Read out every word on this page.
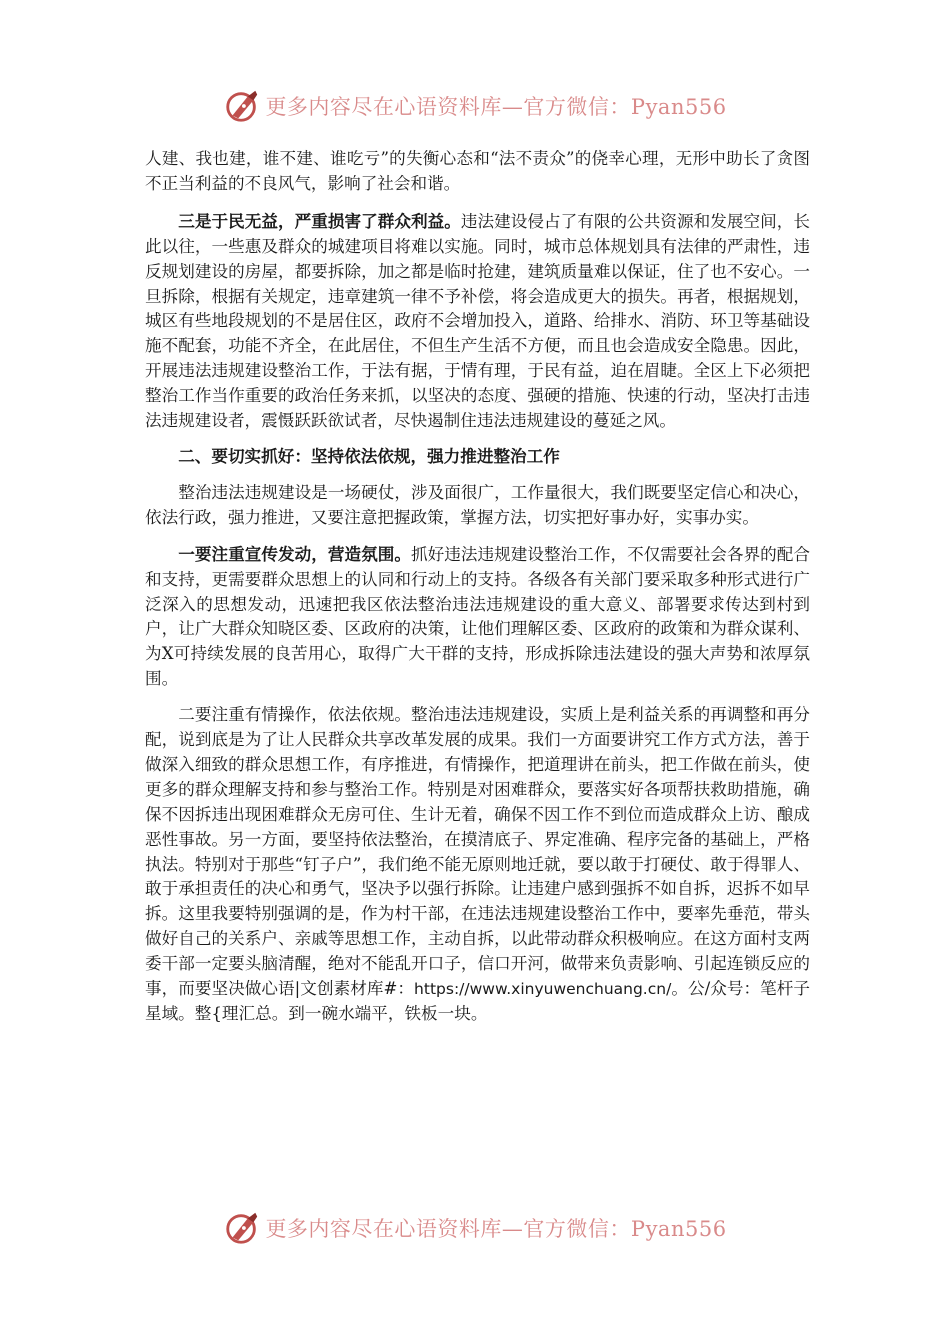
更多内容尽在心语资料库—官方微信：Pyan556

人建、我也建，谁不建、谁吃亏”的失衡心态和“法不责众”的侥幸心理，无形中助长了贪图不正当利益的不良风气，影响了社会和谐。

三是于民无益，严重损害了群众利益。违法建设侵占了有限的公共资源和发展空间，长此以往，一些惠及群众的城建项目将难以实施。同时，城市总体规划具有法律的严肃性，违反规划建设的房屋，都要拆除，加之都是临时抢建，建筑质量难以保证，住了也不安心。一旦拆除，根据有关规定，违章建筑一律不予补偿，将会造成更大的损失。再者，根据规划，城区有些地段规划的不是居住区，政府不会增加投入，道路、给排水、消防、环卫等基础设施不配套，功能不齐全，在此居住，不但生产生活不方便，而且也会造成安全隐患。因此，开展违法违规建设整治工作，于法有据，于情有理，于民有益，迫在眉睫。全区上下必须把整治工作当作重要的政治任务来抓，以坚决的态度、强硬的措施、快速的行动，坚决打击违法违规建设者，震慑跃跃欲试者，尽快遏制住违法违规建设的蔓延之风。

二、要切实抓好：坚持依法依规，强力推进整治工作

整治违法违规建设是一场硬仗，涉及面很广，工作量很大，我们既要坚定信心和决心，依法行政，强力推进，又要注意把握政策，掌握方法，切实把好事办好，实事办实。

一要注重宣传发动，营造氛围。抓好违法违规建设整治工作，不仅需要社会各界的配合和支持，更需要群众思想上的认同和行动上的支持。各级各有关部门要采取多种形式进行广泛深入的思想发动，迅速把我区依法整治违法违规建设的重大意义、部署要求传达到村到户，让广大群众知晓区委、区政府的决策，让他们理解区委、区政府的政策和为群众谋利、为X可持续发展的良苦用心，取得广大干群的支持，形成拆除违法建设的强大声势和浓厚氛围。

二要注重有情操作，依法依规。整治违法违规建设，实质上是利益关系的再调整和再分配，说到底是为了让人民群众共享改革发展的成果。我们一方面要讲究工作方式方法，善于做深入细致的群众思想工作，有序推进，有情操作，把道理讲在前头，把工作做在前头，使更多的群众理解支持和参与整治工作。特别是对困难群众，要落实好各项帮扶救助措施，确保不因拆违出现困难群众无房可住、生计无着，确保不因工作不到位而造成群众上访、酿成恶性事故。另一方面，要坚持依法整治，在摸清底子、界定准确、程序完备的基础上，严格执法。特别对于那些“钉子户”，我们绝不能无原则地迁就，要以敢于打硬仗、敢于得罪人、敢于承担责任的决心和勇气，坚决予以强行拆除。让违建户感到强拆不如自拆，迟拆不如早拆。这里我要特别强调的是，作为村干部，在违法违规建设整治工作中，要率先垂范，带头做好自己的关系户、亲戚等思想工作，主动自拆，以此带动群众积极响应。在这方面村支两委干部一定要头脑清醒，绝对不能乱开口子，信口开河，做带来负责影响、引起连锁反应的事，而要坚决做心语|文创素材库#：https://www.xinyuwenchuang.cn/。公/众号：笔杆子星域。整{理汇总。到一碗水端平，铁板一块。

更多内容尽在心语资料库—官方微信：Pyan556
